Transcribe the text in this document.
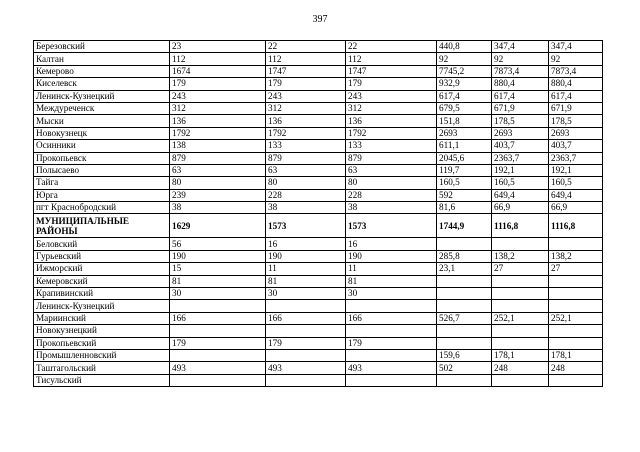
397
Березовский	23	22	22	440,8	347,4	347,4
Калтан	112	112	112	92	92	92
Кемерово	1674	1747	1747	7745,2	7873,4	7873,4
Киселевск	179	179	179	932,9	880,4	880,4
Ленинск-Кузнецкий	243	243	243	617,4	617,4	617,4
Междуреченск	312	312	312	679,5	671,9	671,9
Мыски	136	136	136	151,8	178,5	178,5
Новокузнецк	1792	1792	1792	2693	2693	2693
Осинники	138	133	133	611,1	403,7	403,7
Прокопьевск	879	879	879	2045,6	2363,7	2363,7
Полысаево	63	63	63	119,7	192,1	192,1
Тайга	80	80	80	160,5	160,5	160,5
Юрга	239	228	228	592	649,4	649,4
пгт Краснобродский	38	38	38	81,6	66,9	66,9
МУНИЦИПАЛЬНЫЕ РАЙОНЫ	1629	1573	1573	1744,9	1116,8	1116,8
Беловский	56	16	16			
Гурьевский	190	190	190	285,8	138,2	138,2
Ижморский	15	11	11	23,1	27	27
Кемеровский	81	81	81			
Крапивинский	30	30	30			
Ленинск-Кузнецкий						
Мариинский	166	166	166	526,7	252,1	252,1
Новокузнецкий						
Прокопьевский	179	179	179			
Промышленновский				159,6	178,1	178,1
Таштагольский	493	493	493	502	248	248
Тисульский						
